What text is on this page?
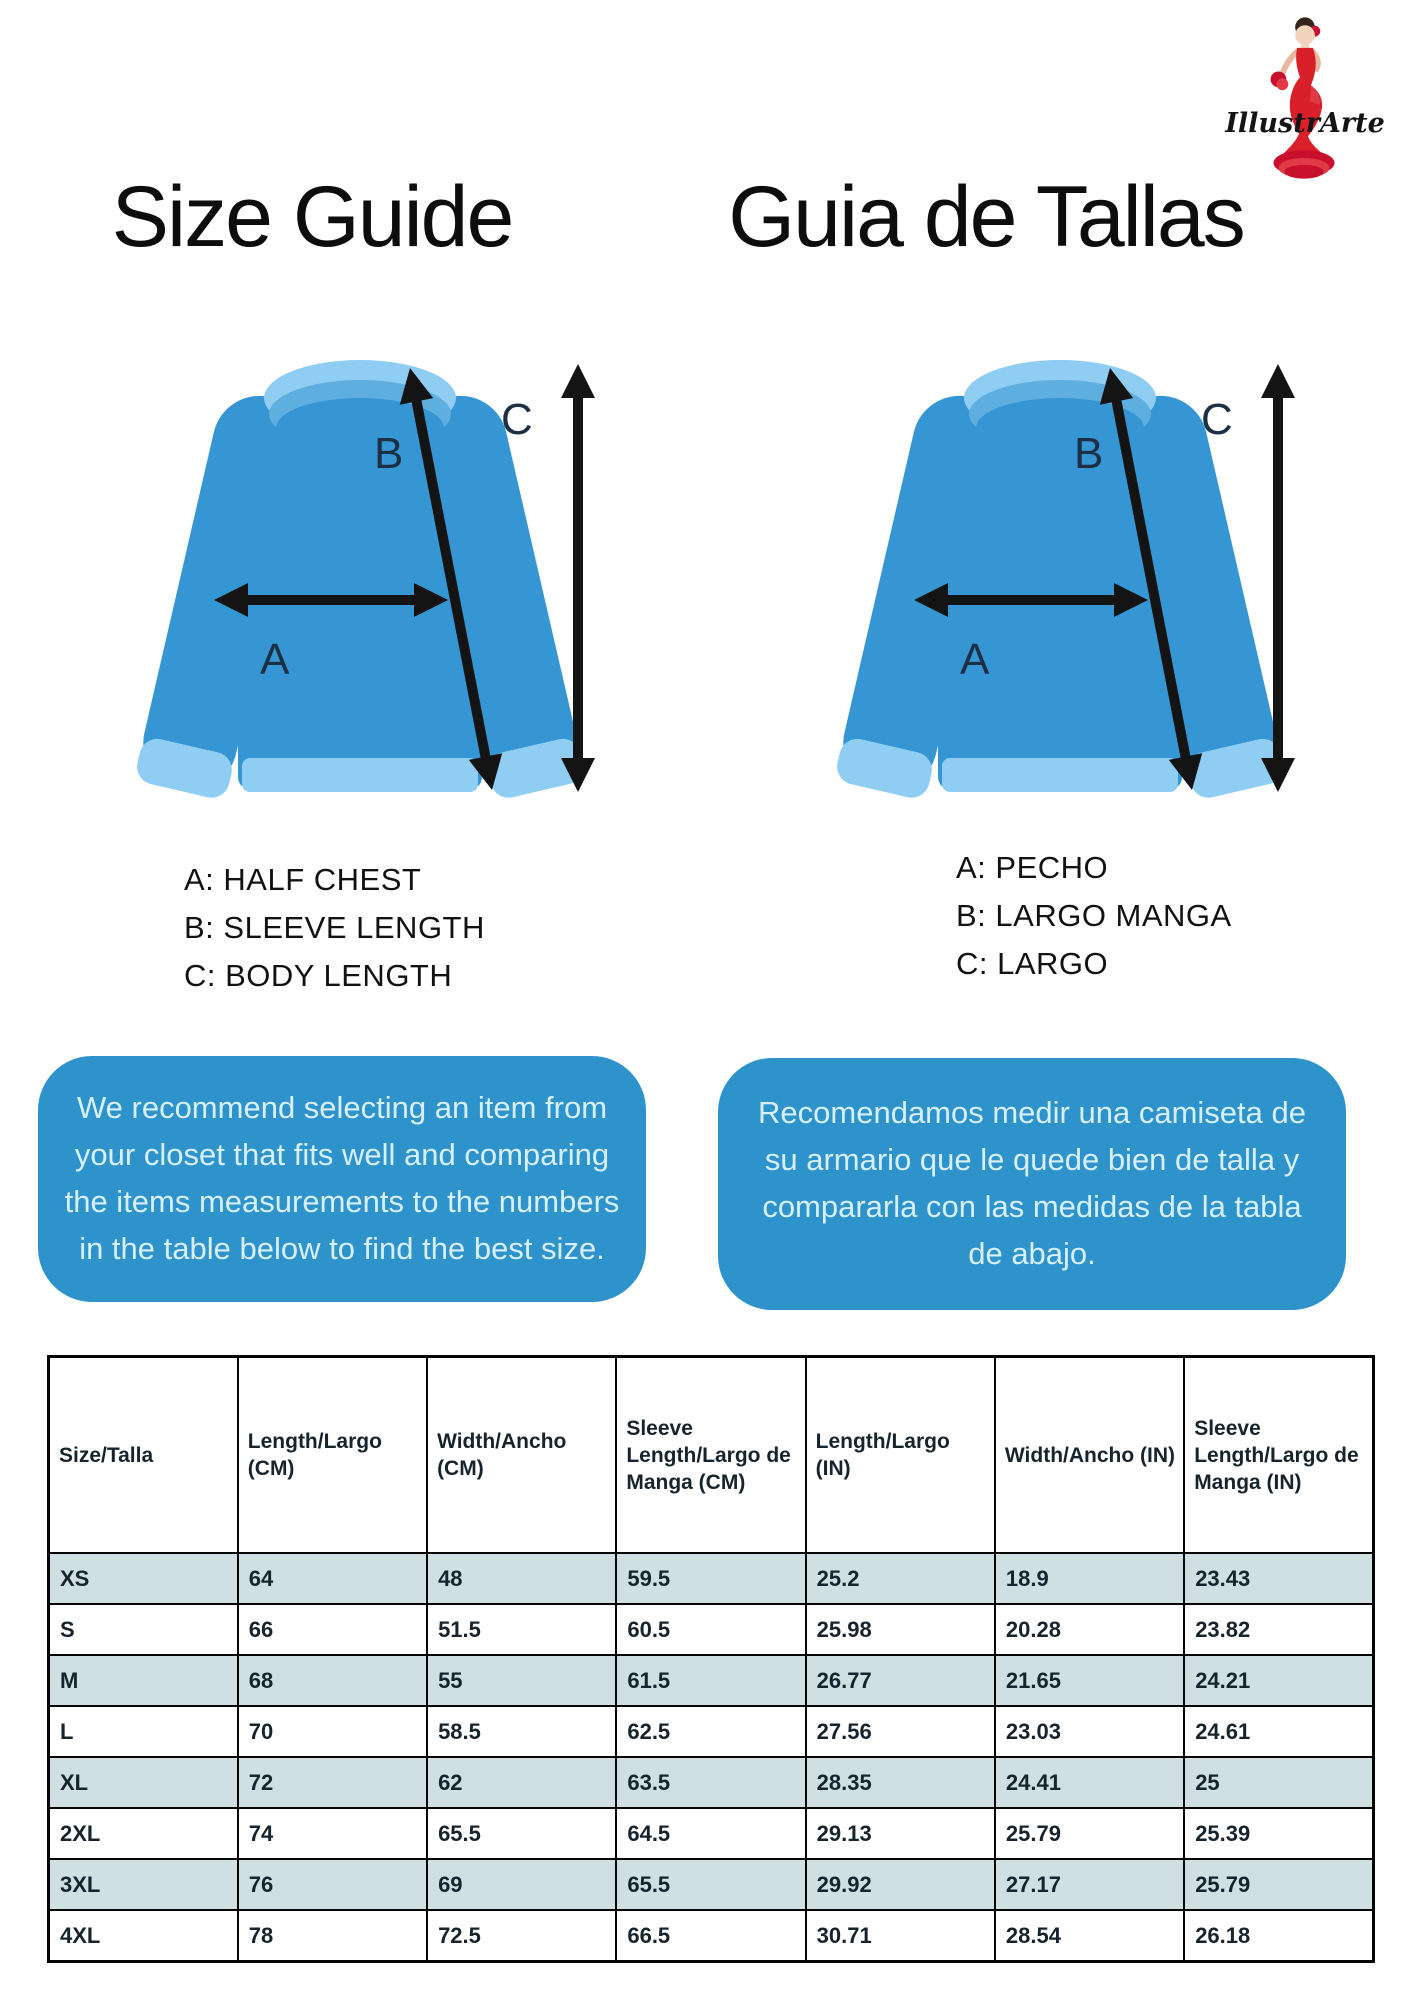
IllustrArte
Size Guide	Guia de Tallas
A
B
C
A
B
C
A: HALF CHEST
B: SLEEVE LENGTH
C: BODY LENGTH
A: PECHO
B: LARGO MANGA
C: LARGO
We recommend selecting an item from
your closet that fits well and comparing
the items measurements to the numbers
in the table below to find the best size.
Recomendamos medir una camiseta de
su armario que le quede bien de talla y
compararla con las medidas de la tabla
de abajo.
Size/Talla	Length/Largo (CM)	Width/Ancho (CM)	Sleeve Length/Largo de Manga (CM)	Length/Largo (IN)	Width/Ancho (IN)	Sleeve Length/Largo de Manga (IN)
XS	64	48	59.5	25.2	18.9	23.43
S	66	51.5	60.5	25.98	20.28	23.82
M	68	55	61.5	26.77	21.65	24.21
L	70	58.5	62.5	27.56	23.03	24.61
XL	72	62	63.5	28.35	24.41	25
2XL	74	65.5	64.5	29.13	25.79	25.39
3XL	76	69	65.5	29.92	27.17	25.79
4XL	78	72.5	66.5	30.71	28.54	26.18
